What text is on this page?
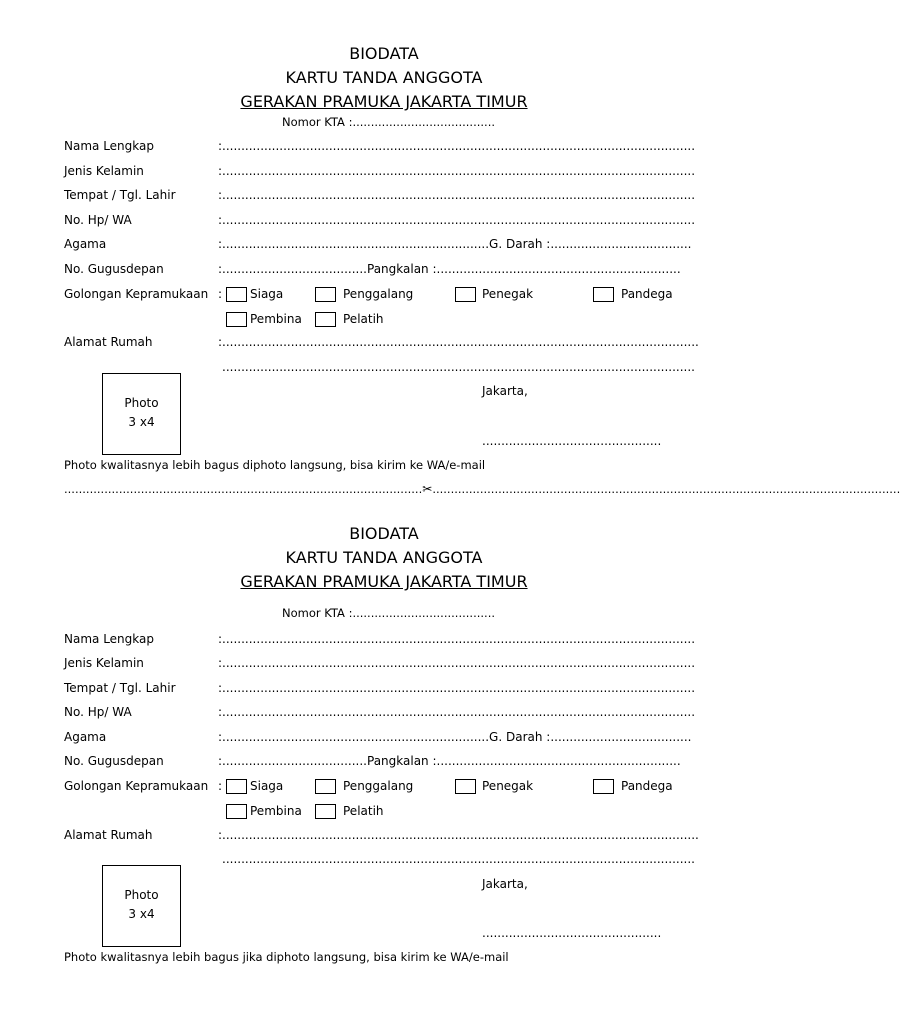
BIODATA
KARTU TANDA ANGGOTA
GERAKAN PRAMUKA JAKARTA TIMUR
Nomor KTA :.......................................
Nama Lengkap	:............................................................................................................................
Jenis Kelamin	:............................................................................................................................
Tempat / Tgl. Lahir	:............................................................................................................................
No. Hp/ WA	:............................................................................................................................
Agama	:......................................................................G. Darah :.....................................
No. Gugusdepan	:......................................Pangkalan :................................................................
Golongan Kepramukaan : Siaga	Penggalang	Penegak	Pandega
Pembina	Pelatih
Alamat Rumah	:.............................................................................................................................
............................................................................................................................
Photo
3 x4
Jakarta,
...............................................
Photo kwalitasnya lebih bagus diphoto langsung, bisa kirim ke WA/e-mail
..................................................................................................✂................................................................................................................................
BIODATA
KARTU TANDA ANGGOTA
GERAKAN PRAMUKA JAKARTA TIMUR
Nomor KTA :.......................................
Nama Lengkap	:............................................................................................................................
Jenis Kelamin	:............................................................................................................................
Tempat / Tgl. Lahir	:............................................................................................................................
No. Hp/ WA	:............................................................................................................................
Agama	:......................................................................G. Darah :.....................................
No. Gugusdepan	:......................................Pangkalan :................................................................
Golongan Kepramukaan : Siaga	Penggalang	Penegak	Pandega
Pembina	Pelatih
Alamat Rumah	:.............................................................................................................................
............................................................................................................................
Photo
3 x4
Jakarta,
...............................................
Photo kwalitasnya lebih bagus jika diphoto langsung, bisa kirim ke WA/e-mail
